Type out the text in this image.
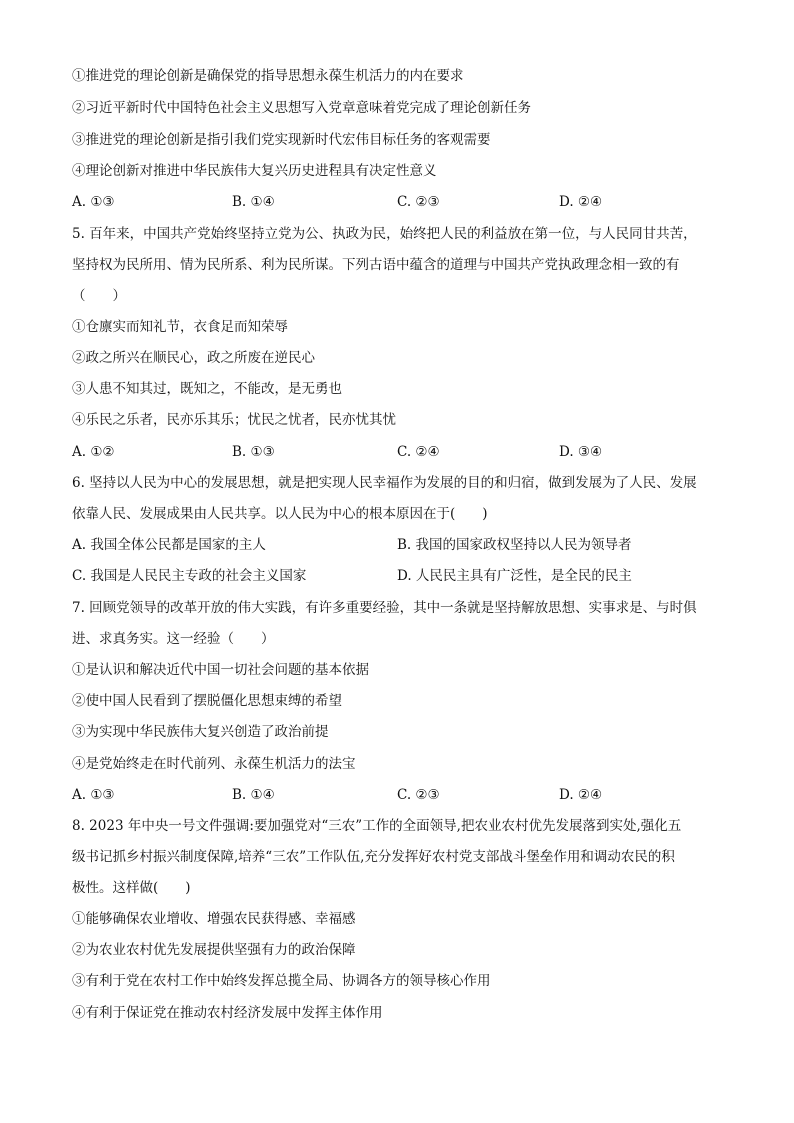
①推进党的理论创新是确保党的指导思想永葆生机活力的内在要求
②习近平新时代中国特色社会主义思想写入党章意味着党完成了理论创新任务
③推进党的理论创新是指引我们党实现新时代宏伟目标任务的客观需要
④理论创新对推进中华民族伟大复兴历史进程具有决定性意义
A. ①③	B. ①④	C. ②③	D. ②④
5. 百年来，中国共产党始终坚持立党为公、执政为民，始终把人民的利益放在第一位，与人民同甘共苦，
坚持权为民所用、情为民所系、利为民所谋。下列古语中蕴含的道理与中国共产党执政理念相一致的有
（　　）
①仓廪实而知礼节，衣食足而知荣辱
②政之所兴在顺民心，政之所废在逆民心
③人患不知其过，既知之，不能改，是无勇也
④乐民之乐者，民亦乐其乐；忧民之忧者，民亦忧其忧
A. ①②	B. ①③	C. ②④	D. ③④
6. 坚持以人民为中心的发展思想，就是把实现人民幸福作为发展的目的和归宿，做到发展为了人民、发展
依靠人民、发展成果由人民共享。以人民为中心的根本原因在于(　　)
A. 我国全体公民都是国家的主人	B. 我国的国家政权坚持以人民为领导者
C. 我国是人民民主专政的社会主义国家	D. 人民民主具有广泛性，是全民的民主
7. 回顾党领导的改革开放的伟大实践，有许多重要经验，其中一条就是坚持解放思想、实事求是、与时俱
进、求真务实。这一经验（　　）
①是认识和解决近代中国一切社会问题的基本依据
②使中国人民看到了摆脱僵化思想束缚的希望
③为实现中华民族伟大复兴创造了政治前提
④是党始终走在时代前列、永葆生机活力的法宝
A. ①③	B. ①④	C. ②③	D. ②④
8. 2023 年中央一号文件强调:要加强党对“三农”工作的全面领导,把农业农村优先发展落到实处,强化五
级书记抓乡村振兴制度保障,培养“三农”工作队伍,充分发挥好农村党支部战斗堡垒作用和调动农民的积
极性。这样做(　　)
①能够确保农业增收、增强农民获得感、幸福感
②为农业农村优先发展提供坚强有力的政治保障
③有利于党在农村工作中始终发挥总揽全局、协调各方的领导核心作用
④有利于保证党在推动农村经济发展中发挥主体作用
